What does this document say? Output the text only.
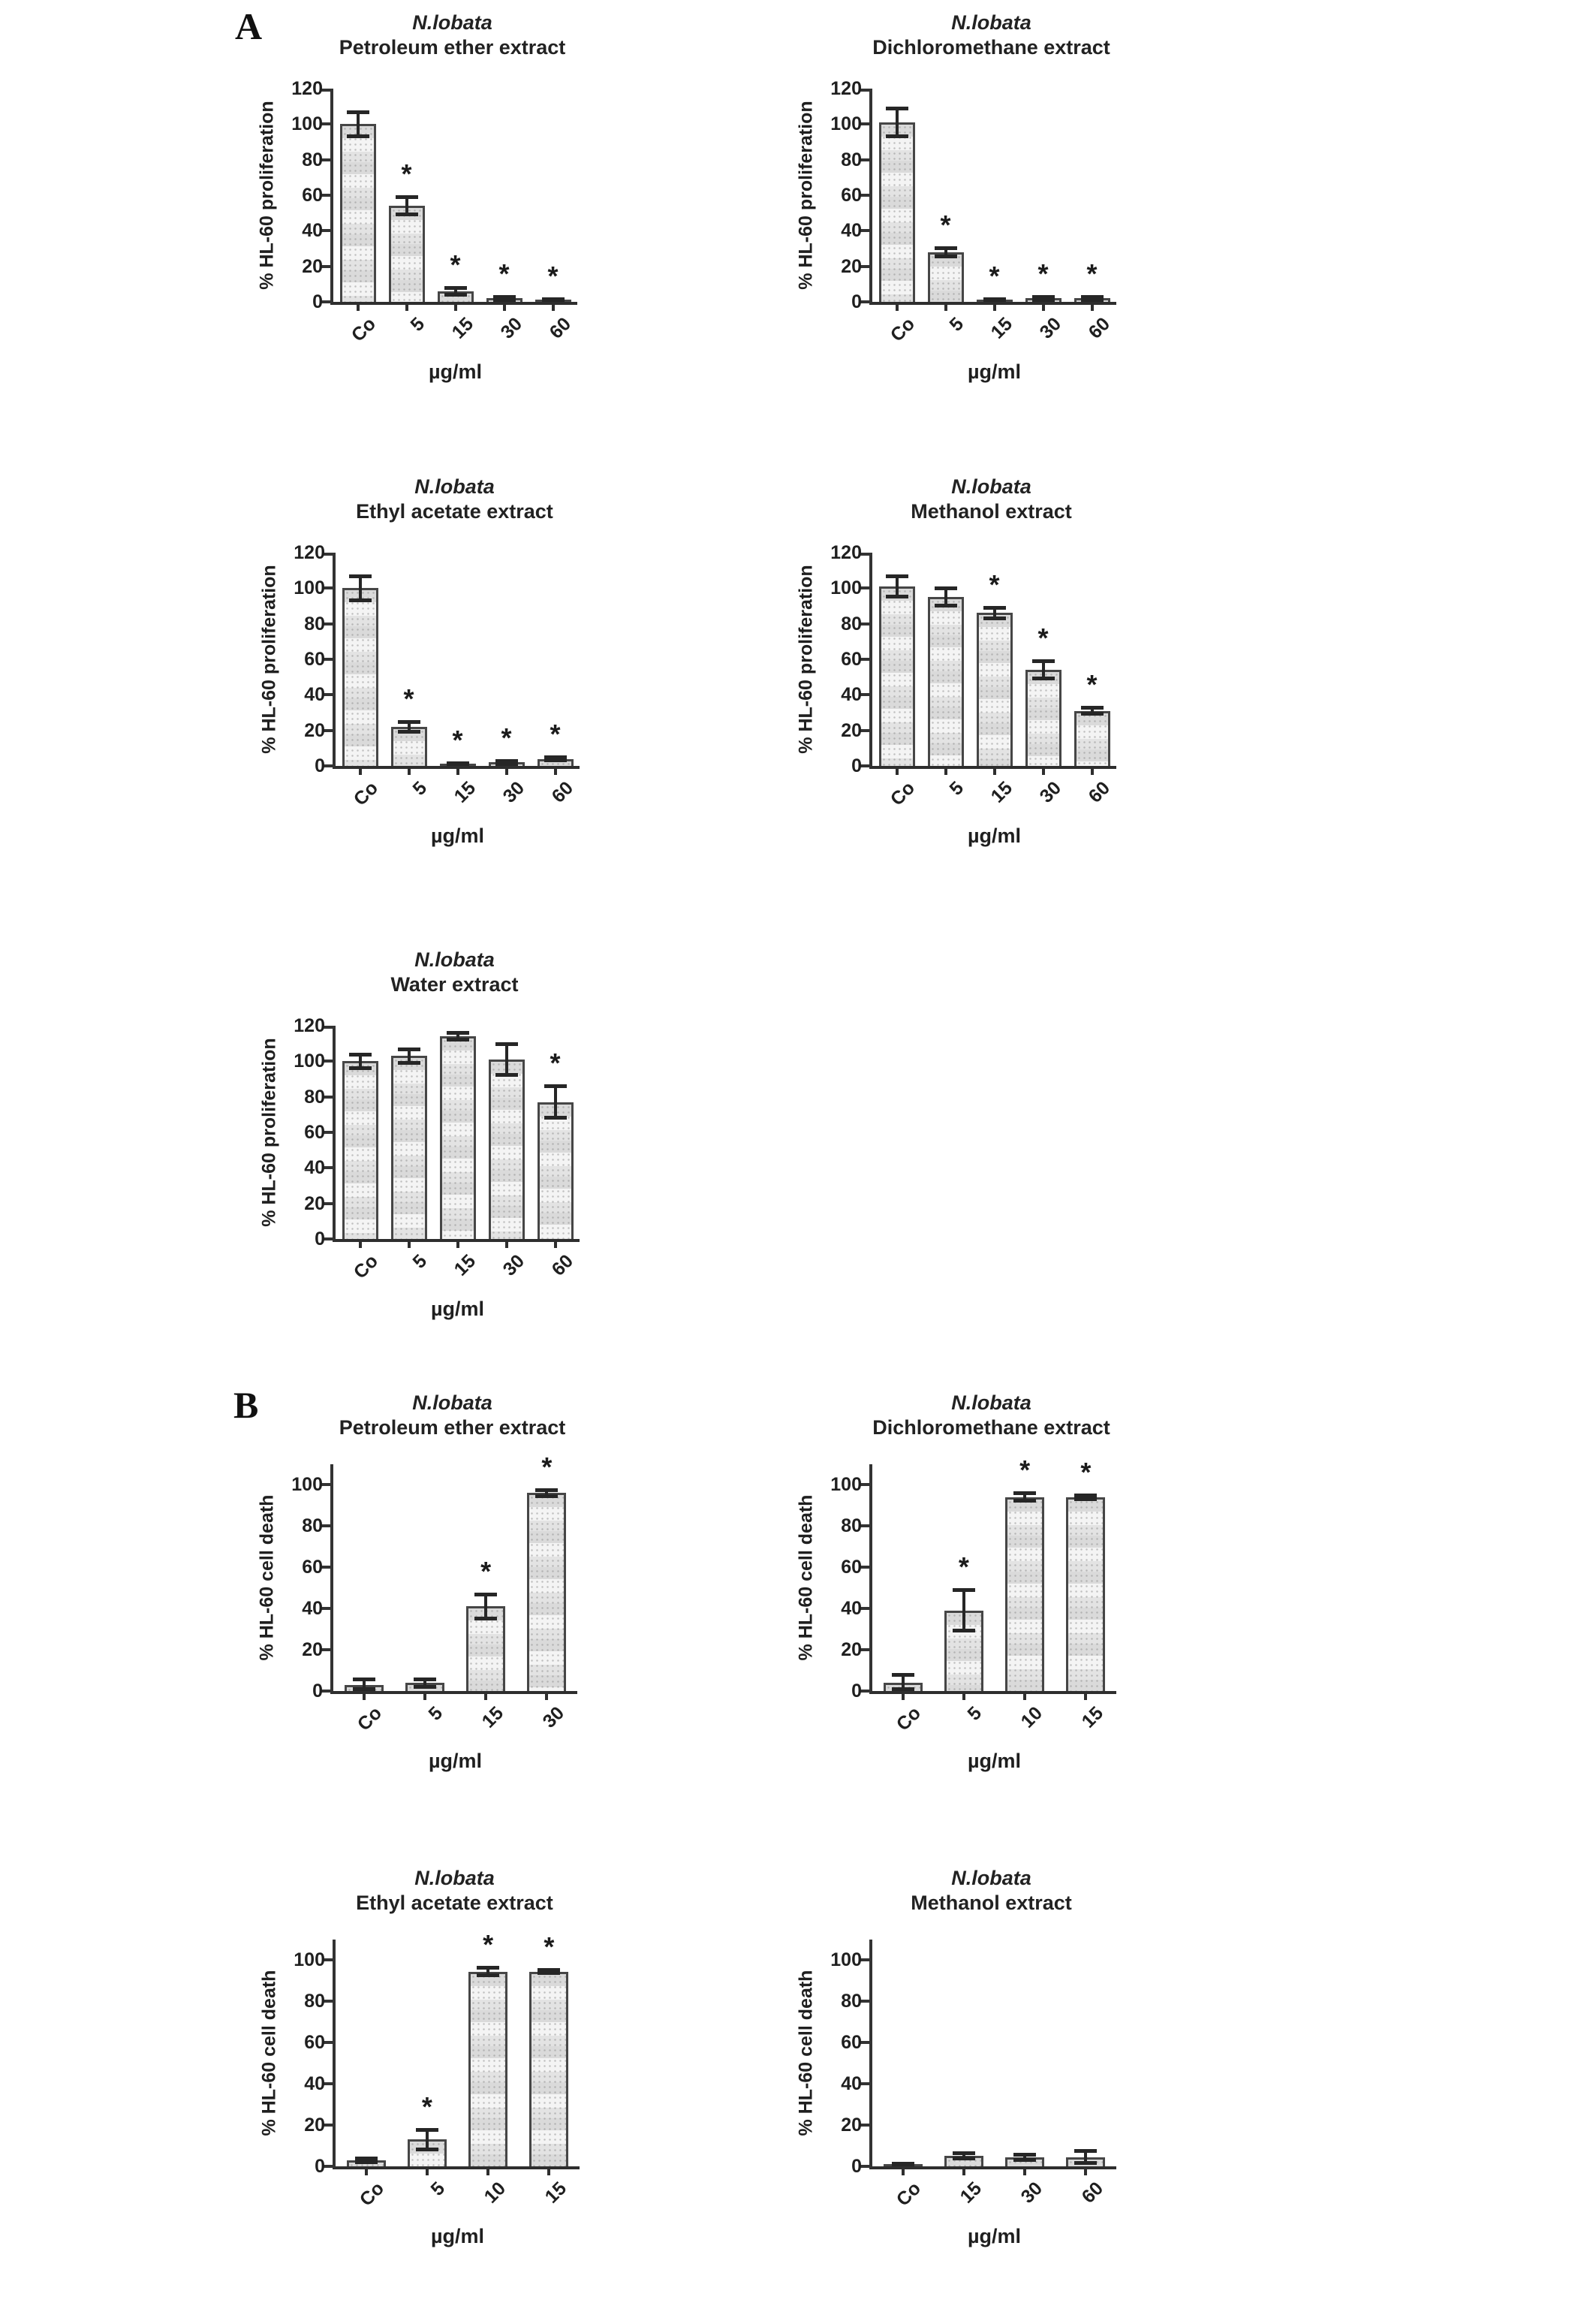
A
B
N.lobata
Petroleum ether extract
% HL-60 proliferation
0
20
40
60
80
100
120
Co
*
5
*
15
*
30
*
60
µg/ml
N.lobata
Dichloromethane extract
% HL-60 proliferation
0
20
40
60
80
100
120
Co
*
5
*
15
*
30
*
60
µg/ml
N.lobata
Ethyl acetate extract
% HL-60 proliferation
0
20
40
60
80
100
120
Co
*
5
*
15
*
30
*
60
µg/ml
N.lobata
Methanol extract
% HL-60 proliferation
0
20
40
60
80
100
120
Co	5
*
15
*
30
*
60
µg/ml
N.lobata
Water extract
% HL-60 proliferation
0
20
40
60
80
100
120
Co	5	15	30
*
60
µg/ml
N.lobata
Petroleum ether extract
% HL-60 cell death
0
20
40
60
80
100
Co	5
*
15
*
30
µg/ml
N.lobata
Dichloromethane extract
% HL-60 cell death
0
20
40
60
80
100
Co
*
5
*
10
*
15
µg/ml
N.lobata
Ethyl acetate extract
% HL-60 cell death
0
20
40
60
80
100
Co
*
5
*
10
*
15
µg/ml
N.lobata
Methanol extract
% HL-60 cell death
0
20
40
60
80
100
Co	15	30	60
µg/ml
